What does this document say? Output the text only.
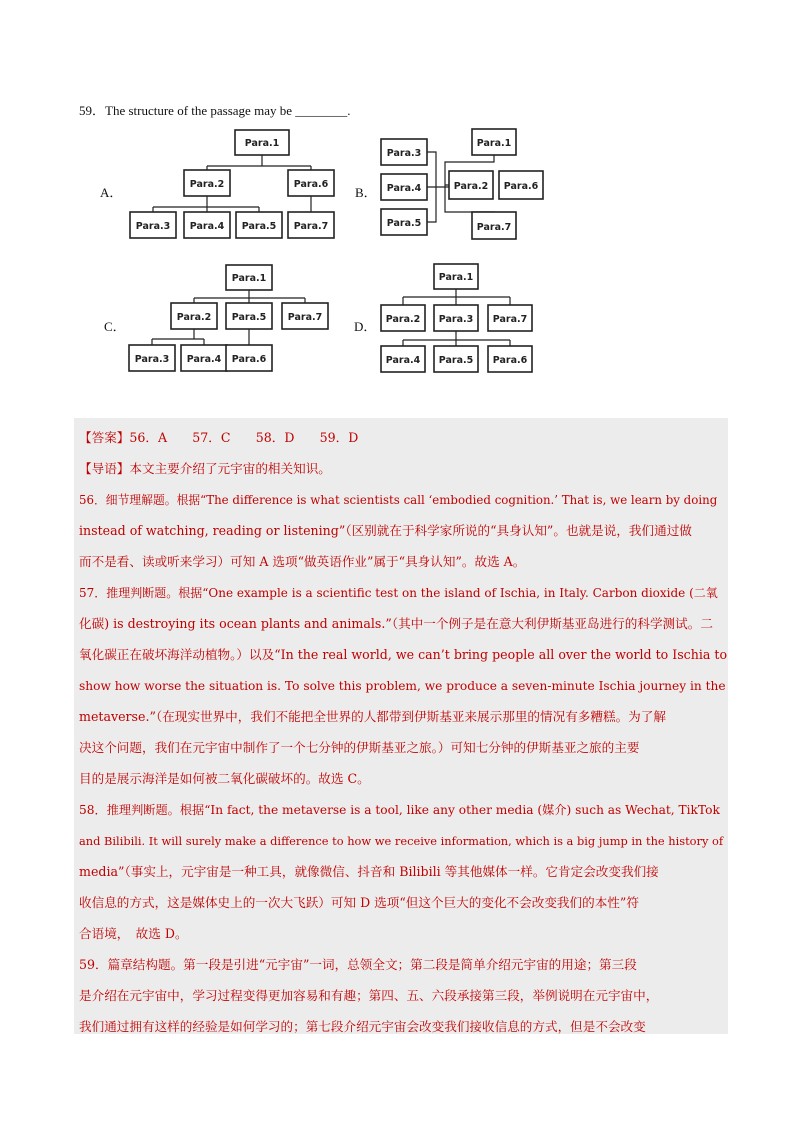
59．The structure of the passage may be ________.
A．
Para.1
Para.2	Para.6
Para.3 Para.4 Para.5 Para.7
B．
Para.3
Para.4
Para.5
Para.1
Para.2 Para.6
Para.7
C．
Para.1
Para.2 Para.5 Para.7
Para.3 Para.4 Para.6
D．
Para.1
Para.2 Para.3 Para.7
Para.4 Para.5 Para.6
【答案】56．A　　57．C　　58．D　　59．D
【导语】本文主要介绍了元宇宙的相关知识。
56．细节理解题。根据“The difference is what scientists call ‘embodied cognition.’ That is, we learn by doing
instead of watching, reading or listening”（区别就在于科学家所说的“具身认知”。也就是说，我们通过做
而不是看、读或听来学习）可知 A 选项“做英语作业”属于“具身认知”。故选 A。
57．推理判断题。根据“One example is a scientific test on the island of Ischia, in Italy. Carbon dioxide (二氧
化碳) is destroying its ocean plants and animals.”（其中一个例子是在意大利伊斯基亚岛进行的科学测试。二
氧化碳正在破坏海洋动植物。）以及“In the real world, we can’t bring people all over the world to Ischia to
show how worse the situation is. To solve this problem, we produce a seven-minute Ischia journey in the
metaverse.”（在现实世界中，我们不能把全世界的人都带到伊斯基亚来展示那里的情况有多糟糕。为了解
决这个问题，我们在元宇宙中制作了一个七分钟的伊斯基亚之旅。）可知七分钟的伊斯基亚之旅的主要
目的是展示海洋是如何被二氧化碳破坏的。故选 C。
58．推理判断题。根据“In fact, the metaverse is a tool, like any other media (媒介) such as Wechat, TikTok
and Bilibili. It will surely make a difference to how we receive information, which is a big jump in the history of
media”（事实上，元宇宙是一种工具，就像微信、抖音和 Bilibili 等其他媒体一样。它肯定会改变我们接
收信息的方式，这是媒体史上的一次大飞跃）可知 D 选项“但这个巨大的变化不会改变我们的本性”符
合语境，　故选 D。
59．篇章结构题。第一段是引进“元宇宙”一词，总领全文；第二段是简单介绍元宇宙的用途；第三段
是介绍在元宇宙中，学习过程变得更加容易和有趣；第四、五、六段承接第三段，举例说明在元宇宙中，
我们通过拥有这样的经验是如何学习的；第七段介绍元宇宙会改变我们接收信息的方式，但是不会改变
